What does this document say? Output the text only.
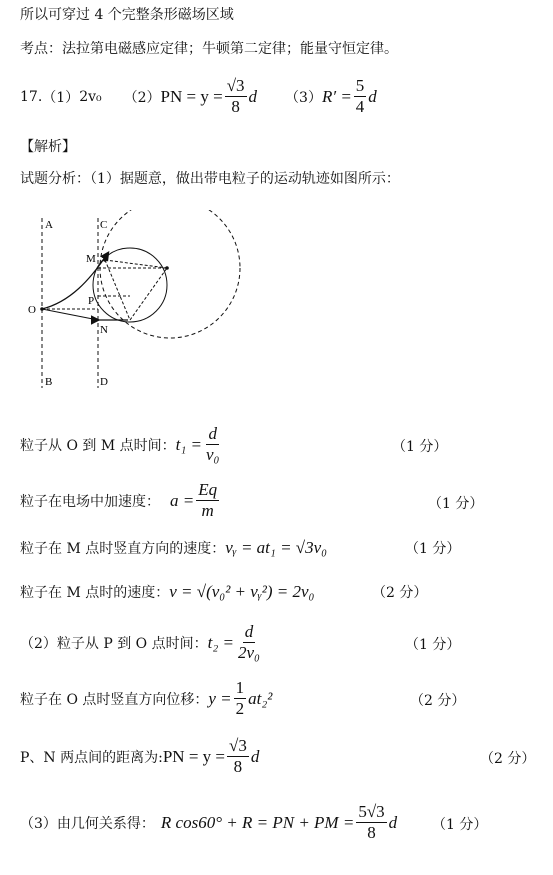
所以可穿过 4 个完整条形磁场区域
考点：法拉第电磁感应定律；牛顿第二定律；能量守恒定律。
17. （1） 2v₀ （2） PN = $y = \frac{√3}{8}$ d （3） $R' = \frac{5}{4}$ d
【解析】
试题分析：（1）据题意，做出带电粒子的运动轨迹如图所示：
A
B
C
D
M
O
P
N
粒子从 O 到 M 点时间： $t_1 = \frac{d}{\text{v₀}}$	（1 分）
粒子在电场中加速度： $a = \frac{Eq}{m}$	（1 分）
粒子在 M 点时竖直方向的速度： vᵧ = at₁ = √3v₀	（1 分）
粒子在 M 点时的速度： v = √(v₀² + vᵧ²) = 2v₀	（2 分）
（2）粒子从 P 到 O 点时间： $t_2 = \frac{d}{\text{2v₀}}$	（1 分）
粒子在 O 点时竖直方向位移： $y = \frac{1}{2} at_2^2$	（2 分）
P、N 两点间的距离为: PN = $y = \frac{√3}{8}$ d	（2 分）
（3）由几何关系得： R cos60° + R = PN + PM = $\frac{5√3}{8}$ d （1 分）
